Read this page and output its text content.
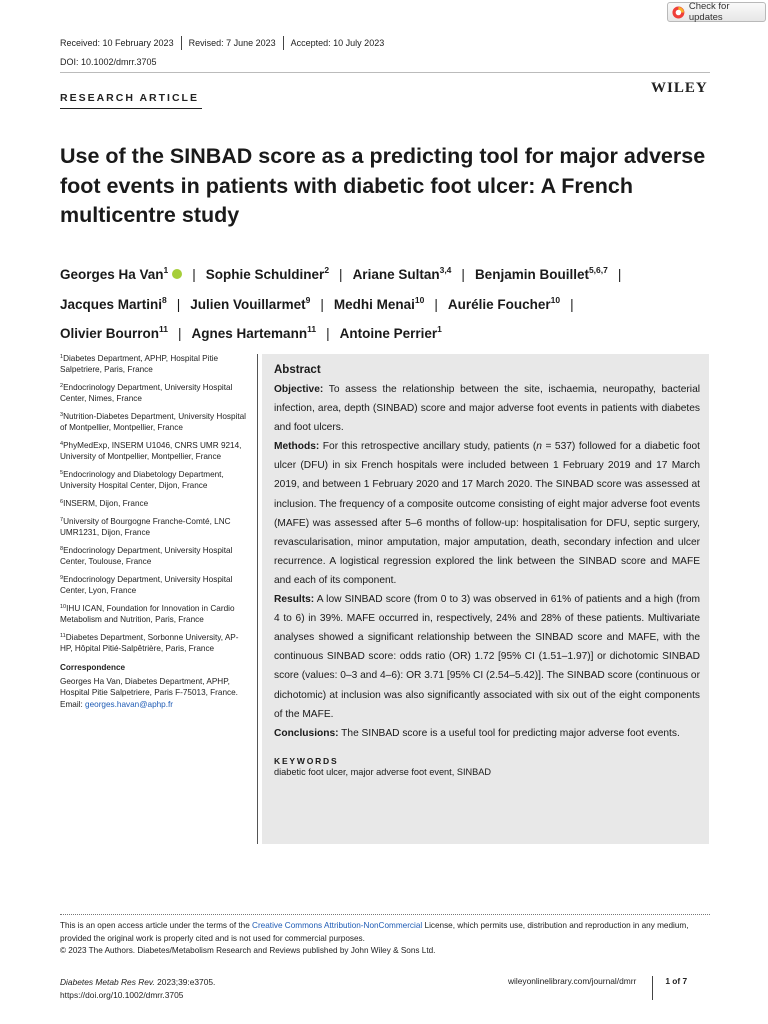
Check for updates
Received: 10 February 2023 Revised: 7 June 2023 Accepted: 10 July 2023
DOI: 10.1002/dmrr.3705
RESEARCH ARTICLE
WILEY
Use of the SINBAD score as a predicting tool for major adverse foot events in patients with diabetic foot ulcer: A French multicentre study
Georges Ha Van$^1$iD | Sophie Schuldiner$^2$ | Ariane Sultan$^{3,4}$ | Benjamin Bouillet$^{5,6,7}$ |
Jacques Martini$^8$ | Julien Vouillarmet$^9$ | Medhi Menai$^{10}$ | Aurélie Foucher$^{10}$ |
Olivier Bourron$^{11}$ | Agnes Hartemann$^{11}$ | Antoine Perrier$^1$
$^1$Diabetes Department, APHP, Hospital Pitie Salpetriere, Paris, France
$^2$Endocrinology Department, University Hospital Center, Nimes, France
$^3$Nutrition-Diabetes Department, University Hospital of Montpellier, Montpellier, France
$^4$PhyMedExp, INSERM U1046, CNRS UMR 9214, University of Montpellier, Montpellier, France
$^5$Endocrinology and Diabetology Department, University Hospital Center, Dijon, France
$^6$INSERM, Dijon, France
$^7$University of Bourgogne Franche-Comté, LNC UMR1231, Dijon, France
$^8$Endocrinology Department, University Hospital Center, Toulouse, France
$^9$Endocrinology Department, University Hospital Center, Lyon, France
$^{10}$IHU ICAN, Foundation for Innovation in Cardio Metabolism and Nutrition, Paris, France
$^{11}$Diabetes Department, Sorbonne University, AP-HP, Hôpital Pitié-Salpêtrière, Paris, France
Correspondence
Georges Ha Van, Diabetes Department, APHP, Hospital Pitie Salpetriere, Paris F-75013, France.
Email: georges.havan@aphp.fr
Abstract
Objective: To assess the relationship between the site, ischaemia, neuropathy, bacterial infection, area, depth (SINBAD) score and major adverse foot events in patients with diabetes and foot ulcers.
Methods: For this retrospective ancillary study, patients (n = 537) followed for a diabetic foot ulcer (DFU) in six French hospitals were included between 1 February 2019 and 17 March 2019, and between 1 February 2020 and 17 March 2020. The SINBAD score was assessed at inclusion. The frequency of a composite outcome consisting of eight major adverse foot events (MAFE) was assessed after 5–6 months of follow-up: hospitalisation for DFU, septic surgery, revascularisation, minor amputation, major amputation, death, secondary infection and ulcer recurrence. A logistical regression explored the link between the SINBAD score and MAFE and each of its component.
Results: A low SINBAD score (from 0 to 3) was observed in 61% of patients and a high (from 4 to 6) in 39%. MAFE occurred in, respectively, 24% and 28% of these patients. Multivariate analyses showed a significant relationship between the SINBAD score and MAFE, with the continuous SINBAD score: odds ratio (OR) 1.72 [95% CI (1.51–1.97)] or dichotomic SINBAD score (values: 0–3 and 4–6): OR 3.71 [95% CI (2.54–5.42)]. The SINBAD score (continuous or dichotomic) at inclusion was also significantly associated with six out of the eight components of the MAFE.
Conclusions: The SINBAD score is a useful tool for predicting major adverse foot events.
KEYWORDS
diabetic foot ulcer, major adverse foot event, SINBAD
This is an open access article under the terms of the Creative Commons Attribution-NonCommercial License, which permits use, distribution and reproduction in any medium, provided the original work is properly cited and is not used for commercial purposes.
© 2023 The Authors. Diabetes/Metabolism Research and Reviews published by John Wiley & Sons Ltd.
Diabetes Metab Res Rev. 2023;39:e3705.
https://doi.org/10.1002/dmrr.3705
wileyonlinelibrary.com/journal/dmrr	1 of 7
